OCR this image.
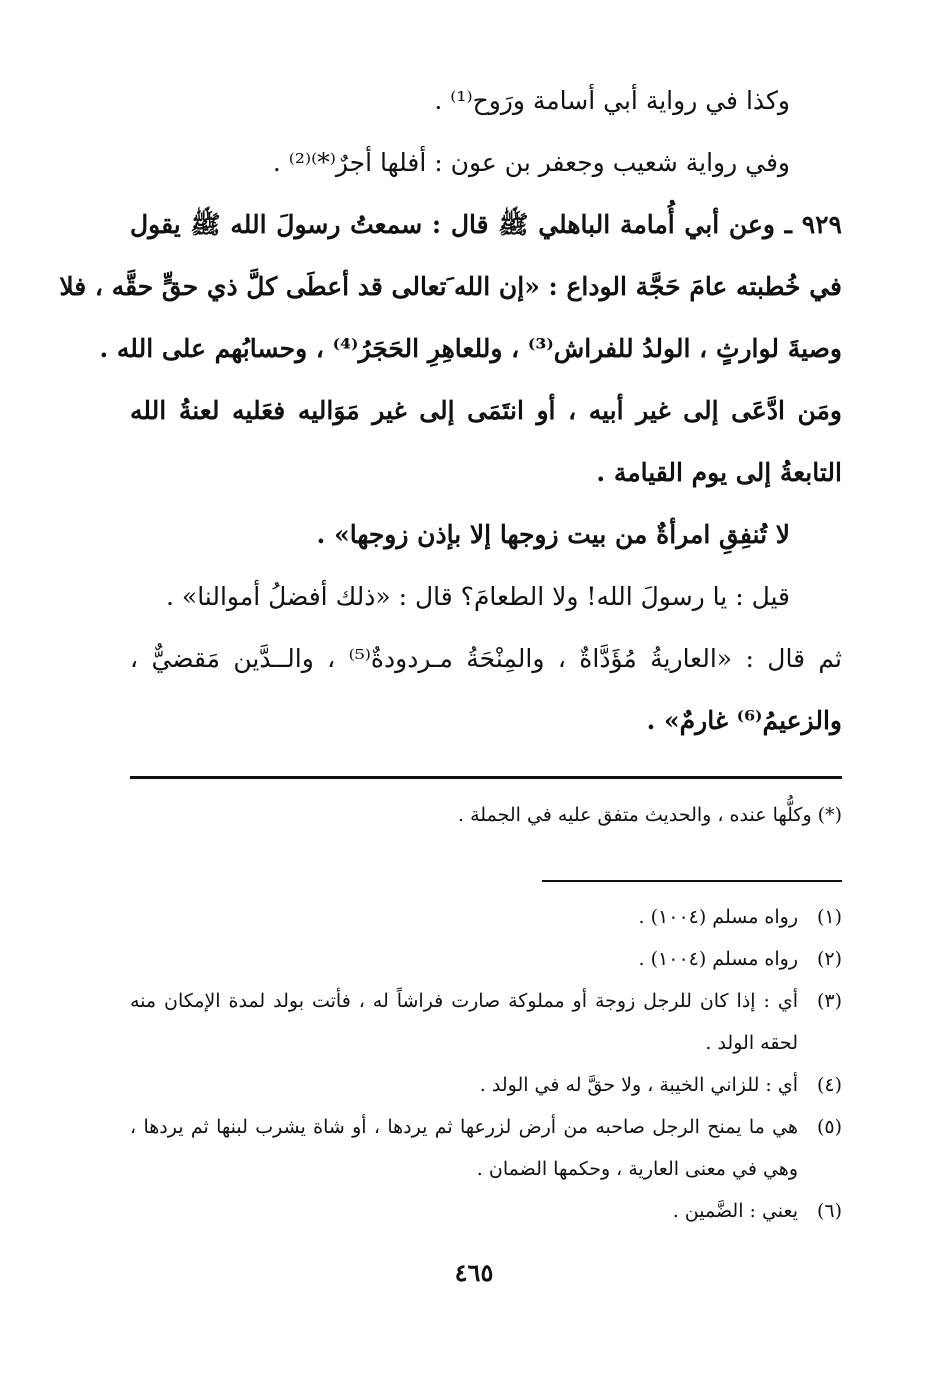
وكذا في رواية أبي أسامة ورَوح⁽¹⁾ .
وفي رواية شعيب وجعفر بن عون : أفلها أجرٌ⁽*⁾⁽²⁾ .
٩٢٩ ـ وعن أبي أُمامة الباهلي ﷺ قال : سمعتُ رسولَ الله ﷺ يقول
في خُطبته عامَ حَجَّة الوداع : «إن الله َتعالى قد أعطَى كلَّ ذي حقٍّ حقَّه ، فلا
وصيةَ لوارثٍ ، الولدُ للفراش⁽³⁾ ، وللعاهِرِ الحَجَرُ⁽⁴⁾ ، وحسابُهم على الله .
ومَن ادَّعَى إلى غير أبيه ، أو انتَمَى إلى غير مَوَاليه فعَليه لعنةُ الله
التابعةُ إلى يوم القيامة .
لا تُنفِقِ امرأةٌ من بيت زوجها إلا بإذن زوجها» .
قيل : يا رسولَ الله! ولا الطعامَ؟ قال : «ذلك أفضلُ أموالنا» .
ثم قال : «العاريةُ مُؤَدَّاةٌ ، والمِنْحَةُ مـردودةٌ⁽⁵⁾ ، والــدَّين مَقضيٌّ ،
والزعيمُ⁽⁶⁾ غارمٌ» .
(*) وكلُّها عنده ، والحديث متفق عليه في الجملة .
(١)
رواه مسلم (١٠٠٤) .
(٢)
رواه مسلم (١٠٠٤) .
(٣)
أي : إذا كان للرجل زوجة أو مملوكة صارت فراشاً له ، فأتت بولد لمدة الإمكان منه لحقه الولد .
(٤)
أي : للزاني الخيبة ، ولا حقَّ له في الولد .
(٥)
هي ما يمنح الرجل صاحبه من أرض لزرعها ثم يردها ، أو شاة يشرب لبنها ثم يردها ، وهي في معنى العارية ، وحكمها الضمان .
(٦)
يعني : الضَّمين .
٤٦٥
